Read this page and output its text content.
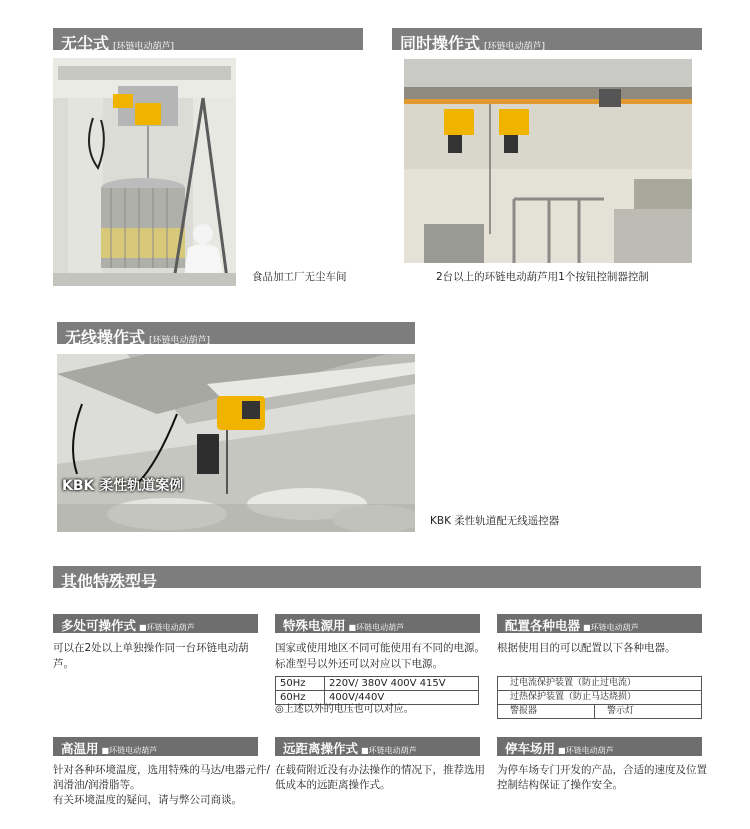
无尘式 [环链电动葫芦]
食品加工厂无尘车间
同时操作式 [环链电动葫芦]
2台以上的环链电动葫芦用1个按钮控制器控制
无线操作式 [环链电动葫芦]
KBK 柔性轨道案例
KBK 柔性轨道配无线遥控器
其他特殊型号
多处可操作式 ■环链电动葫芦
可以在2处以上单独操作同一台环链电动葫芦。
特殊电源用 ■环链电动葫芦
国家或使用地区不同可能使用有不同的电源。
标准型号以外还可以对应以下电源。
50Hz	220V/ 380V 400V 415V
60Hz	400V/440V
◎上述以外的电压也可以对应。
配置各种电器 ■环链电动葫芦
根据使用目的可以配置以下各种电器。
过电流保护装置（防止过电流）
过热保护装置（防止马达烧损）
警报器	警示灯
高温用 ■环链电动葫芦
针对各种环境温度，选用特殊的马达/电器元件/
润滑油/润滑脂等。
有关环境温度的疑问，请与弊公司商谈。
远距离操作式 ■环链电动葫芦
在载荷附近没有办法操作的情况下，推荐选用
低成本的远距离操作式。
停车场用 ■环链电动葫芦
为停车场专门开发的产品，合适的速度及位置
控制结构保证了操作安全。
